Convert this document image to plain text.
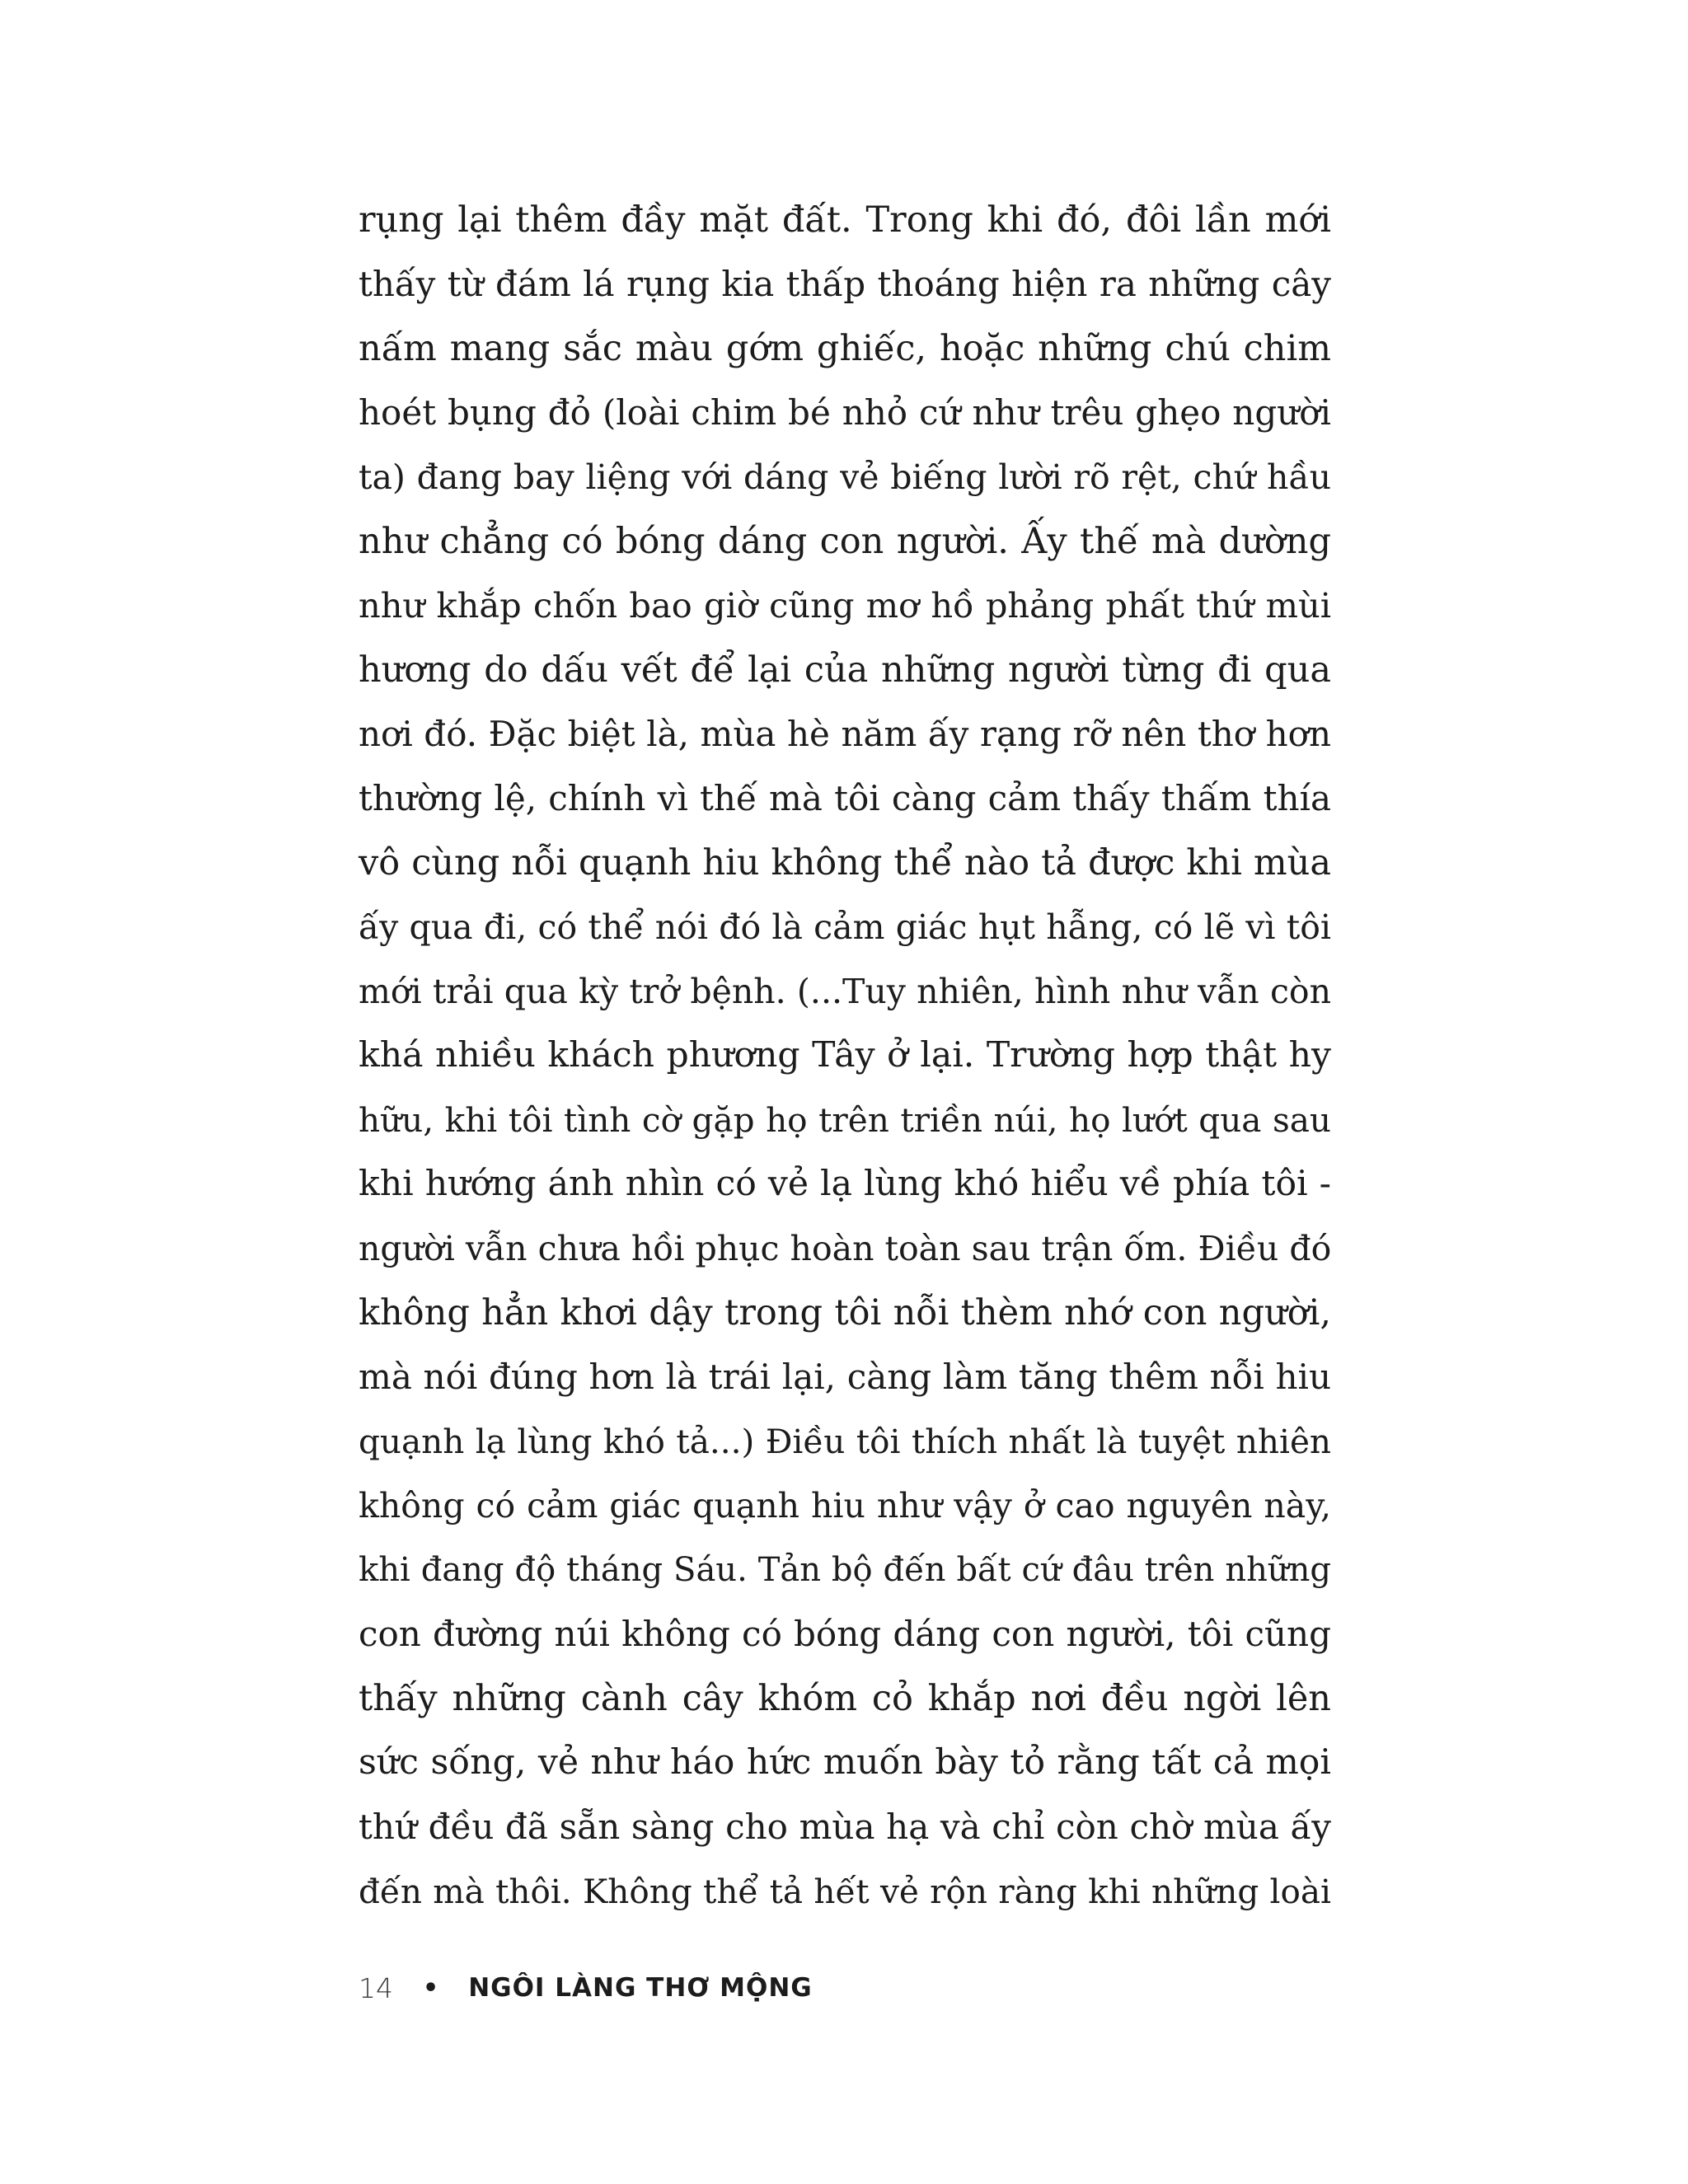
rụng lại thêm đầy mặt đất. Trong khi đó, đôi lần mới
thấy từ đám lá rụng kia thấp thoáng hiện ra những cây
nấm mang sắc màu gớm ghiếc, hoặc những chú chim
hoét bụng đỏ (loài chim bé nhỏ cứ như trêu ghẹo người
ta) đang bay liệng với dáng vẻ biếng lười rõ rệt, chứ hầu
như chẳng có bóng dáng con người. Ấy thế mà dường
như khắp chốn bao giờ cũng mơ hồ phảng phất thứ mùi
hương do dấu vết để lại của những người từng đi qua
nơi đó. Đặc biệt là, mùa hè năm ấy rạng rỡ nên thơ hơn
thường lệ, chính vì thế mà tôi càng cảm thấy thấm thía
vô cùng nỗi quạnh hiu không thể nào tả được khi mùa
ấy qua đi, có thể nói đó là cảm giác hụt hẫng, có lẽ vì tôi
mới trải qua kỳ trở bệnh. (...Tuy nhiên, hình như vẫn còn
khá nhiều khách phương Tây ở lại. Trường hợp thật hy
hữu, khi tôi tình cờ gặp họ trên triền núi, họ lướt qua sau
khi hướng ánh nhìn có vẻ lạ lùng khó hiểu về phía tôi -
người vẫn chưa hồi phục hoàn toàn sau trận ốm. Điều đó
không hẳn khơi dậy trong tôi nỗi thèm nhớ con người,
mà nói đúng hơn là trái lại, càng làm tăng thêm nỗi hiu
quạnh lạ lùng khó tả...) Điều tôi thích nhất là tuyệt nhiên
không có cảm giác quạnh hiu như vậy ở cao nguyên này,
khi đang độ tháng Sáu. Tản bộ đến bất cứ đâu trên những
con đường núi không có bóng dáng con người, tôi cũng
thấy những cành cây khóm cỏ khắp nơi đều ngời lên
sức sống, vẻ như háo hức muốn bày tỏ rằng tất cả mọi
thứ đều đã sẵn sàng cho mùa hạ và chỉ còn chờ mùa ấy
đến mà thôi. Không thể tả hết vẻ rộn ràng khi những loài
14 • NGÔI LÀNG THƠ MỘNG
